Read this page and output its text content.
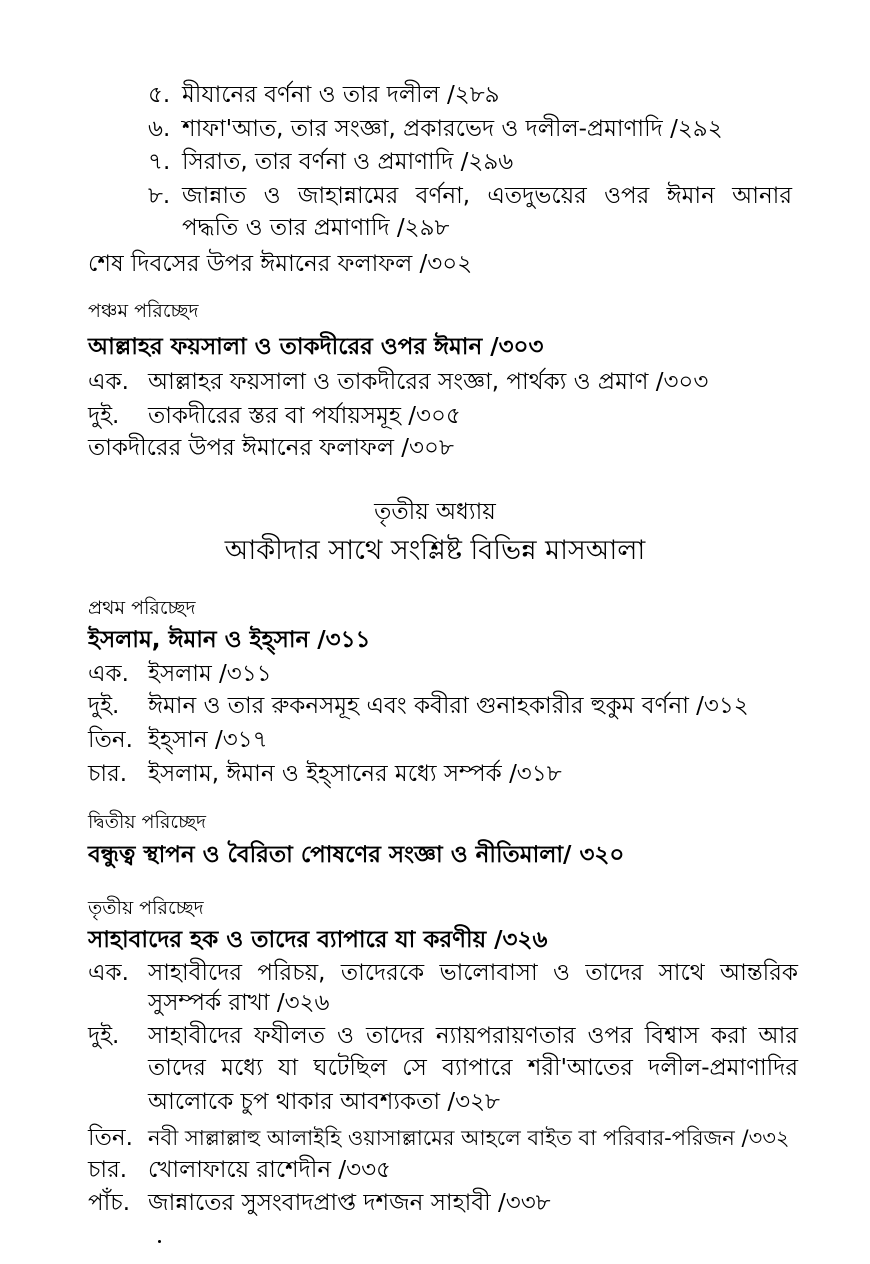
৫. মীযানের বর্ণনা ও তার দলীল /২৮৯
৬. শাফা'আত, তার সংজ্ঞা, প্রকারভেদ ও দলীল-প্রমাণাদি /২৯২
৭. সিরাত, তার বর্ণনা ও প্রমাণাদি /২৯৬
৮. জান্নাত ও জাহান্নামের বর্ণনা, এতদুভয়ের ওপর ঈমান আনার
পদ্ধতি ও তার প্রমাণাদি /২৯৮
শেষ দিবসের উপর ঈমানের ফলাফল /৩০২
পঞ্চম পরিচ্ছেদ
আল্লাহর ফয়সালা ও তাকদীরের ওপর ঈমান /৩০৩
এক. আল্লাহর ফয়সালা ও তাকদীরের সংজ্ঞা, পার্থক্য ও প্রমাণ /৩০৩
দুই. তাকদীরের স্তর বা পর্যায়সমূহ /৩০৫
তাকদীরের উপর ঈমানের ফলাফল /৩০৮
তৃতীয় অধ্যায়
আকীদার সাথে সংশ্লিষ্ট বিভিন্ন মাসআলা
প্রথম পরিচ্ছেদ
ইসলাম, ঈমান ও ইহ্সান /৩১১
এক. ইসলাম /৩১১
দুই. ঈমান ও তার রুকনসমূহ এবং কবীরা গুনাহকারীর হুকুম বর্ণনা /৩১২
তিন. ইহ্সান /৩১৭
চার. ইসলাম, ঈমান ও ইহ্সানের মধ্যে সম্পর্ক /৩১৮
দ্বিতীয় পরিচ্ছেদ
বন্ধুত্ব স্থাপন ও বৈরিতা পোষণের সংজ্ঞা ও নীতিমালা/ ৩২০
তৃতীয় পরিচ্ছেদ
সাহাবাদের হক ও তাদের ব্যাপারে যা করণীয় /৩২৬
এক. সাহাবীদের পরিচয়, তাদেরকে ভালোবাসা ও তাদের সাথে আন্তরিক
সুসম্পর্ক রাখা /৩২৬
দুই.	সাহাবীদের ফযীলত ও তাদের ন্যায়পরায়ণতার ওপর বিশ্বাস করা আর
তাদের মধ্যে যা ঘটেছিল সে ব্যাপারে শরী'আতের দলীল-প্রমাণাদির
আলোকে চুপ থাকার আবশ্যকতা /৩২৮
তিন. নবী সাল্লাল্লাহু আলাইহি ওয়াসাল্লামের আহলে বাইত বা পরিবার-পরিজন /৩৩২
চার. খোলাফায়ে রাশেদীন /৩৩৫
পাঁচ. জান্নাতের সুসংবাদপ্রাপ্ত দশজন সাহাবী /৩৩৮
